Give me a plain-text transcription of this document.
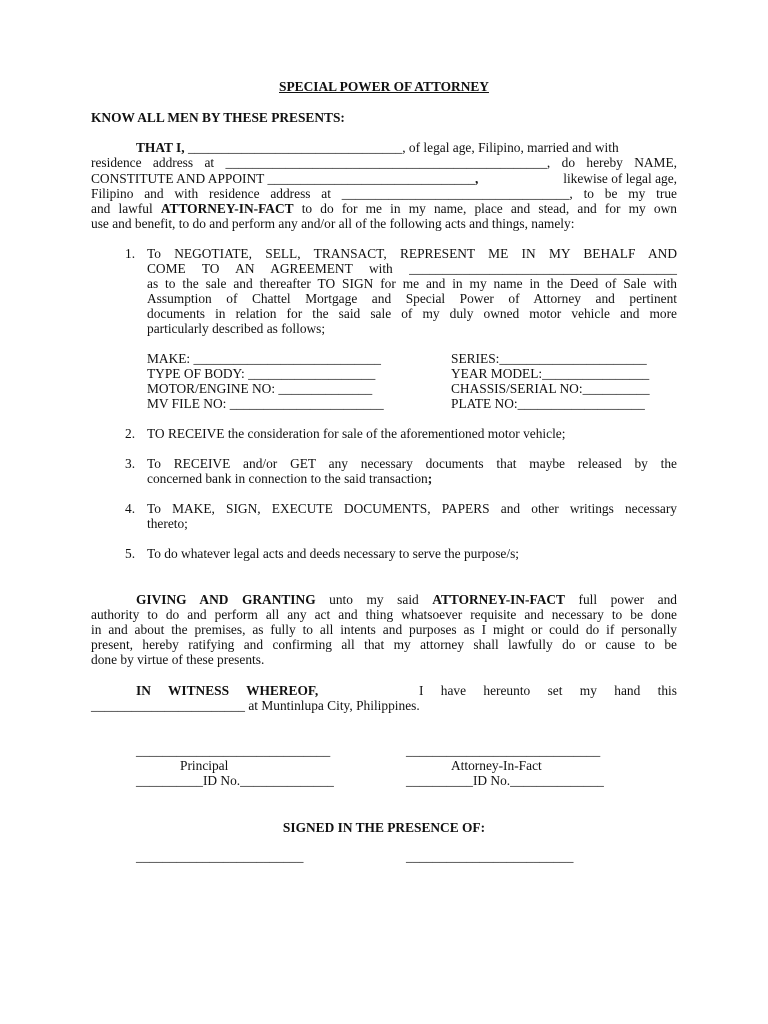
SPECIAL POWER OF ATTORNEY
KNOW ALL MEN BY THESE PRESENTS:
THAT I, ________________________________, of legal age, Filipino, married and with
residence address at ________________________________________________, do hereby NAME,
CONSTITUTE AND APPOINT _______________________________,	likewise of legal age,
Filipino and with residence address at __________________________________, to be my true
and lawful ATTORNEY-IN-FACT to do for me in my name, place and stead, and for my own
use and benefit, to do and perform any and/or all of the following acts and things, namely:
1. To NEGOTIATE, SELL, TRANSACT, REPRESENT ME IN MY BEHALF AND
COME TO AN AGREEMENT with ________________________________________
as to the sale and thereafter TO SIGN for me and in my name in the Deed of Sale with
Assumption of Chattel Mortgage and Special Power of Attorney and pertinent
documents in relation for the said sale of my duly owned motor vehicle and more
particularly described as follows;
MAKE: ____________________________	SERIES:______________________
TYPE OF BODY: ___________________	YEAR MODEL:________________
MOTOR/ENGINE NO: ______________	CHASSIS/SERIAL NO:__________
MV FILE NO: _______________________	PLATE NO:___________________
2. TO RECEIVE the consideration for sale of the aforementioned motor vehicle;
3. To RECEIVE and/or GET any necessary documents that maybe released by the
concerned bank in connection to the said transaction;
4. To MAKE, SIGN, EXECUTE DOCUMENTS, PAPERS and other writings necessary
thereto;
5. To do whatever legal acts and deeds necessary to serve the purpose/s;
GIVING AND GRANTING unto my said ATTORNEY-IN-FACT full power and
authority to do and perform all any act and thing whatsoever requisite and necessary to be done
in and about the premises, as fully to all intents and purposes as I might or could do if personally
present, hereby ratifying and confirming all that my attorney shall lawfully do or cause to be
done by virtue of these presents.
IN WITNESS WHEREOF,	I have hereunto set my hand this
_______________________ at Muntinlupa City, Philippines.
_____________________________	_____________________________
Principal	Attorney-In-Fact
__________ID No.______________	__________ID No.______________
SIGNED IN THE PRESENCE OF:
_________________________	_________________________
